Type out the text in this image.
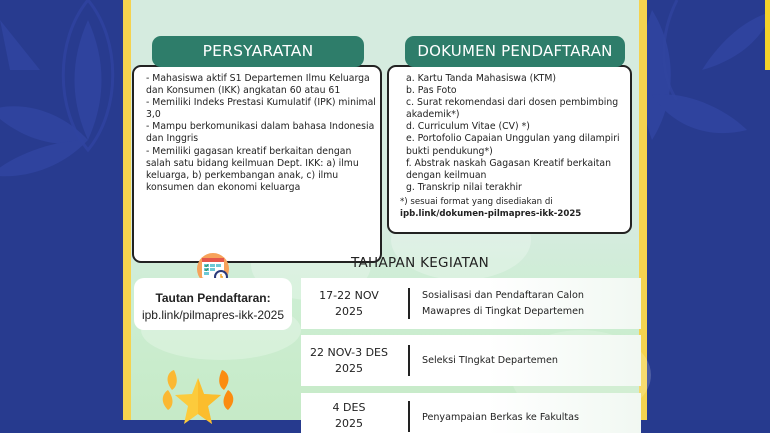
PERSYARATAN

- Mahasiswa aktif S1 Departemen Ilmu Keluarga dan Konsumen (IKK) angkatan 60 atau 61

- Memiliki Indeks Prestasi Kumulatif (IPK) minimal 3,0

- Mampu berkomunikasi dalam bahasa Indonesia dan Inggris

- Memiliki gagasan kreatif berkaitan dengan salah satu bidang keilmuan Dept. IKK: a) ilmu keluarga, b) perkembangan anak, c) ilmu konsumen dan ekonomi keluarga

DOKUMEN PENDAFTARAN

a. Kartu Tanda Mahasiswa (KTM)

b. Pas Foto

c. Surat rekomendasi dari dosen pembimbing akademik*)

d. Curriculum Vitae (CV) *)

e. Portofolio Capaian Unggulan yang dilampiri bukti pendukung*)

f. Abstrak naskah Gagasan Kreatif berkaitan dengan keilmuan

g. Transkrip nilai terakhir

*) sesuai format yang disediakan di
ipb.link/dokumen-pilmapres-ikk-2025
Tautan Pendaftaran:
ipb.link/pilmapres-ikk-2025
TAHAPAN KEGIATAN
17-22 NOV
2025
Sosialisasi dan Pendaftaran Calon
Mawapres di Tingkat Departemen
22 NOV-3 DES
2025
Seleksi TIngkat Departemen
4 DES
2025	Penyampaian Berkas ke Fakultas
